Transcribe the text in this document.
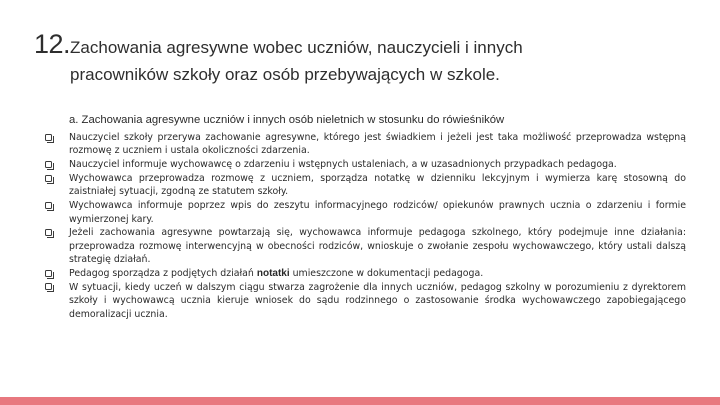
12.Zachowania agresywne wobec uczniów, nauczycieli i innych
pracowników szkoły oraz osób przebywających w szkole.
a. Zachowania agresywne uczniów i innych osób nieletnich w stosunku do rówieśników
Nauczyciel szkoły przerywa zachowanie agresywne, którego jest świadkiem i jeżeli jest taka możliwość przeprowadza wstępną rozmowę z uczniem i ustala okoliczności zdarzenia.
Nauczyciel informuje wychowawcę o zdarzeniu i wstępnych ustaleniach, a w uzasadnionych przypadkach pedagoga.
Wychowawca przeprowadza rozmowę z uczniem, sporządza notatkę w dzienniku lekcyjnym i wymierza karę stosowną do zaistniałej sytuacji, zgodną ze statutem szkoły.
Wychowawca informuje poprzez wpis do zeszytu informacyjnego rodziców/ opiekunów prawnych ucznia o zdarzeniu i formie wymierzonej kary.
Jeżeli zachowania agresywne powtarzają się, wychowawca informuje pedagoga szkolnego, który podejmuje inne działania: przeprowadza rozmowę interwencyjną w obecności rodziców, wnioskuje o zwołanie zespołu wychowawczego, który ustali dalszą strategię działań.
Pedagog sporządza z podjętych działań notatki umieszczone w dokumentacji pedagoga.
W sytuacji, kiedy uczeń w dalszym ciągu stwarza zagrożenie dla innych uczniów, pedagog szkolny w porozumieniu z dyrektorem szkoły i wychowawcą ucznia kieruje wniosek do sądu rodzinnego o zastosowanie środka wychowawczego zapobiegającego demoralizacji ucznia.
